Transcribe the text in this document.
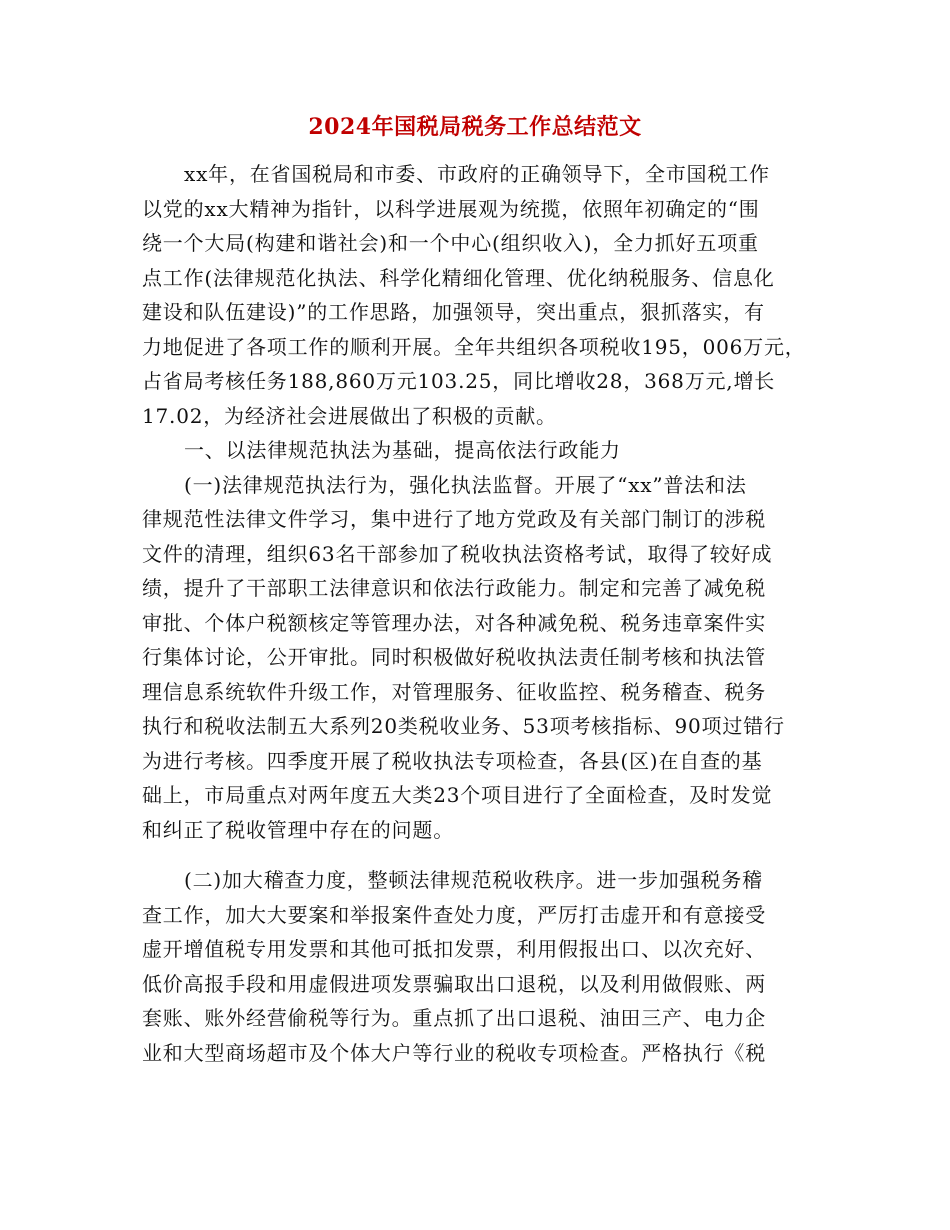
2024年国税局税务工作总结范文
xx年，在省国税局和市委、市政府的正确领导下，全市国税工作
以党的xx大精神为指针，以科学进展观为统揽，依照年初确定的“围
绕一个大局(构建和谐社会)和一个中心(组织收入)，全力抓好五项重
点工作(法律规范化执法、科学化精细化管理、优化纳税服务、信息化
建设和队伍建设)”的工作思路，加强领导，突出重点，狠抓落实，有
力地促进了各项工作的顺利开展。全年共组织各项税收195，006万元，
占省局考核任务188,860万元103.25，同比增收28，368万元,增长
17.02，为经济社会进展做出了积极的贡献。
一、以法律规范执法为基础，提高依法行政能力
(一)法律规范执法行为，强化执法监督。开展了“xx”普法和法
律规范性法律文件学习，集中进行了地方党政及有关部门制订的涉税
文件的清理，组织63名干部参加了税收执法资格考试，取得了较好成
绩，提升了干部职工法律意识和依法行政能力。制定和完善了减免税
审批、个体户税额核定等管理办法，对各种减免税、税务违章案件实
行集体讨论，公开审批。同时积极做好税收执法责任制考核和执法管
理信息系统软件升级工作，对管理服务、征收监控、税务稽查、税务
执行和税收法制五大系列20类税收业务、53项考核指标、90项过错行
为进行考核。四季度开展了税收执法专项检查，各县(区)在自查的基
础上，市局重点对两年度五大类23个项目进行了全面检查，及时发觉
和纠正了税收管理中存在的问题。
(二)加大稽查力度，整顿法律规范税收秩序。进一步加强税务稽
查工作，加大大要案和举报案件查处力度，严厉打击虚开和有意接受
虚开增值税专用发票和其他可抵扣发票，利用假报出口、以次充好、
低价高报手段和用虚假进项发票骗取出口退税，以及利用做假账、两
套账、账外经营偷税等行为。重点抓了出口退税、油田三产、电力企
业和大型商场超市及个体大户等行业的税收专项检查。严格执行《税
